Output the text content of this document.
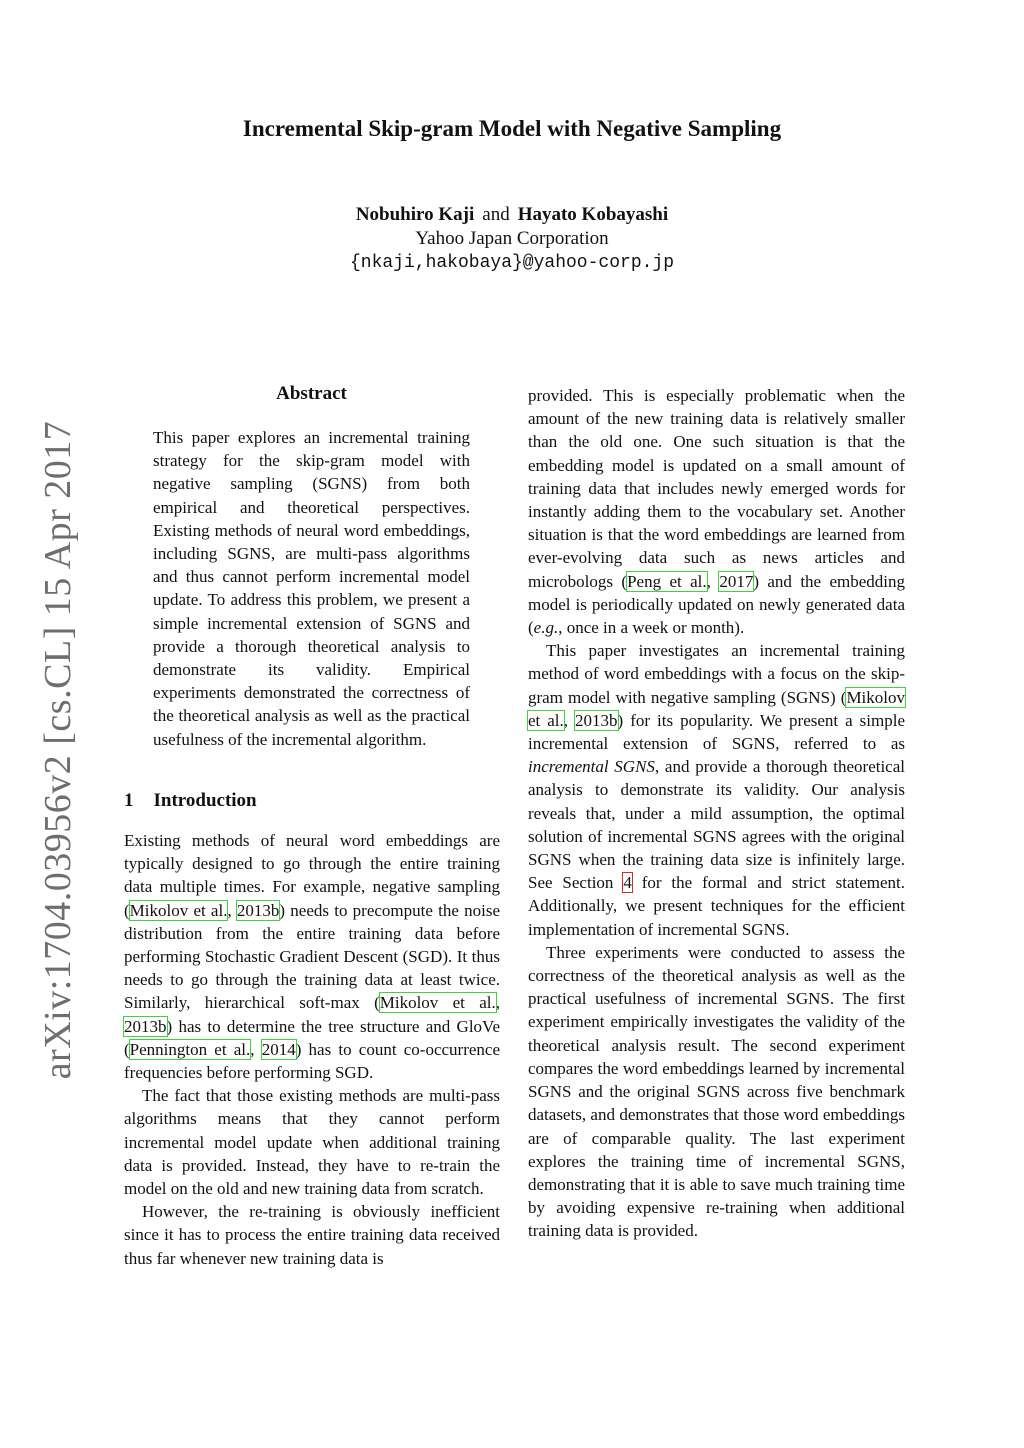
arXiv:1704.03956v2 [cs.CL] 15 Apr 2017
Incremental Skip-gram Model with Negative Sampling
Nobuhiro Kaji and Hayato Kobayashi
Yahoo Japan Corporation
{nkaji,hakobaya}@yahoo-corp.jp
Abstract

This paper explores an incremental training strategy for the skip-gram model with negative sampling (SGNS) from both empirical and theoretical perspectives. Existing methods of neural word embeddings, including SGNS, are multi-pass algorithms and thus cannot perform incremental model update. To address this problem, we present a simple incremental extension of SGNS and provide a thorough theoretical analysis to demonstrate its validity. Empirical experiments demonstrated the correctness of the theoretical analysis as well as the practical usefulness of the incremental algorithm.

1 Introduction

Existing methods of neural word embeddings are typically designed to go through the entire training data multiple times. For example, negative sampling (Mikolov et al., 2013b) needs to precompute the noise distribution from the entire training data before performing Stochastic Gradient Descent (SGD). It thus needs to go through the training data at least twice. Similarly, hierarchical soft-max (Mikolov et al., 2013b) has to determine the tree structure and GloVe (Pennington et al., 2014) has to count co-occurrence frequencies before performing SGD.

The fact that those existing methods are multi-pass algorithms means that they cannot perform incremental model update when additional training data is provided. Instead, they have to re-train the model on the old and new training data from scratch.

However, the re-training is obviously inefficient since it has to process the entire training data received thus far whenever new training data is

provided. This is especially problematic when the amount of the new training data is relatively smaller than the old one. One such situation is that the embedding model is updated on a small amount of training data that includes newly emerged words for instantly adding them to the vocabulary set. Another situation is that the word embeddings are learned from ever-evolving data such as news articles and microbologs (Peng et al., 2017) and the embedding model is periodically updated on newly generated data (e.g., once in a week or month).

This paper investigates an incremental training method of word embeddings with a focus on the skip-gram model with negative sampling (SGNS) (Mikolov et al., 2013b) for its popularity. We present a simple incremental extension of SGNS, referred to as incremental SGNS, and provide a thorough theoretical analysis to demonstrate its validity. Our analysis reveals that, under a mild assumption, the optimal solution of incremental SGNS agrees with the original SGNS when the training data size is infinitely large. See Section 4 for the formal and strict statement. Additionally, we present techniques for the efficient implementation of incremental SGNS.

Three experiments were conducted to assess the correctness of the theoretical analysis as well as the practical usefulness of incremental SGNS. The first experiment empirically investigates the validity of the theoretical analysis result. The second experiment compares the word embeddings learned by incremental SGNS and the original SGNS across five benchmark datasets, and demonstrates that those word embeddings are of comparable quality. The last experiment explores the training time of incremental SGNS, demonstrating that it is able to save much training time by avoiding expensive re-training when additional training data is provided.
